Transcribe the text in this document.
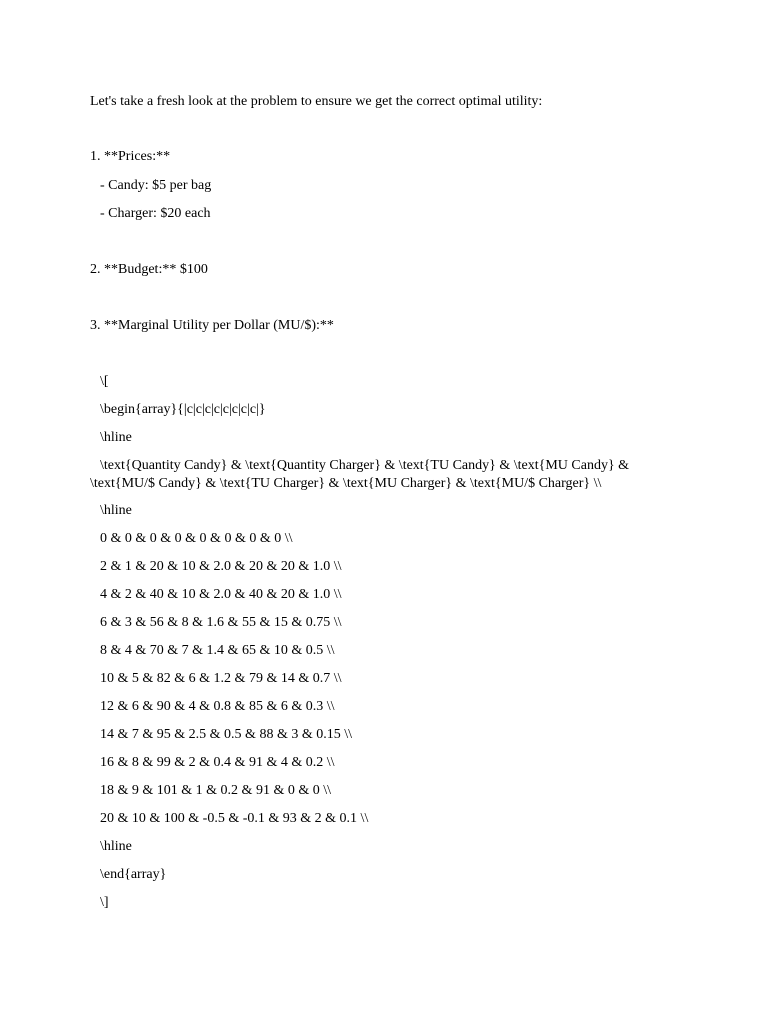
Let's take a fresh look at the problem to ensure we get the correct optimal utility:

1. **Prices:**

- Candy: $5 per bag

- Charger: $20 each

2. **Budget:** $100

3. **Marginal Utility per Dollar (MU/$):**

\[

\begin{array}{|c|c|c|c|c|c|c|c|}

\hline

\text{Quantity Candy} & \text{Quantity Charger} & \text{TU Candy} & \text{MU Candy} & \text{MU/$ Candy} & \text{TU Charger} & \text{MU Charger} & \text{MU/$ Charger} \\

\hline

0 & 0 & 0 & 0 & 0 & 0 & 0 & 0 \\

2 & 1 & 20 & 10 & 2.0 & 20 & 20 & 1.0 \\

4 & 2 & 40 & 10 & 2.0 & 40 & 20 & 1.0 \\

6 & 3 & 56 & 8 & 1.6 & 55 & 15 & 0.75 \\

8 & 4 & 70 & 7 & 1.4 & 65 & 10 & 0.5 \\

10 & 5 & 82 & 6 & 1.2 & 79 & 14 & 0.7 \\

12 & 6 & 90 & 4 & 0.8 & 85 & 6 & 0.3 \\

14 & 7 & 95 & 2.5 & 0.5 & 88 & 3 & 0.15 \\

16 & 8 & 99 & 2 & 0.4 & 91 & 4 & 0.2 \\

18 & 9 & 101 & 1 & 0.2 & 91 & 0 & 0 \\

20 & 10 & 100 & -0.5 & -0.1 & 93 & 2 & 0.1 \\

\hline

\end{array}

\]
